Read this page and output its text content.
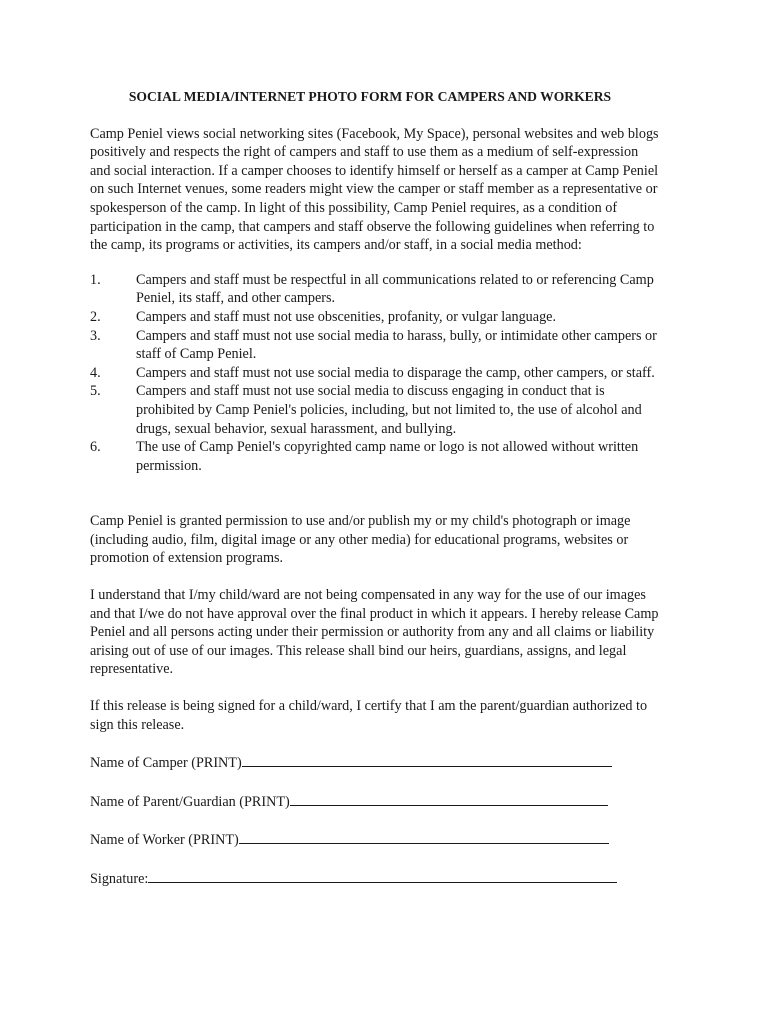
SOCIAL MEDIA/INTERNET PHOTO FORM FOR CAMPERS AND WORKERS

Camp Peniel views social networking sites (Facebook, My Space), personal websites and web blogs positively and respects the right of campers and staff to use them as a medium of self-expression and social interaction. If a camper chooses to identify himself or herself as a camper at Camp Peniel on such Internet venues, some readers might view the camper or staff member as a representative or spokesperson of the camp. In light of this possibility, Camp Peniel requires, as a condition of participation in the camp, that campers and staff observe the following guidelines when referring to the camp, its programs or activities, its campers and/or staff, in a social media method:

1. Campers and staff must be respectful in all communications related to or referencing Camp Peniel, its staff, and other campers.
2. Campers and staff must not use obscenities, profanity, or vulgar language.
3. Campers and staff must not use social media to harass, bully, or intimidate other campers or staff of Camp Peniel.
4. Campers and staff must not use social media to disparage the camp, other campers, or staff.
5. Campers and staff must not use social media to discuss engaging in conduct that is prohibited by Camp Peniel's policies, including, but not limited to, the use of alcohol and drugs, sexual behavior, sexual harassment, and bullying.
6. The use of Camp Peniel's copyrighted camp name or logo is not allowed without written permission.

Camp Peniel is granted permission to use and/or publish my or my child's photograph or image (including audio, film, digital image or any other media) for educational programs, websites or promotion of extension programs.

I understand that I/my child/ward are not being compensated in any way for the use of our images and that I/we do not have approval over the final product in which it appears. I hereby release Camp Peniel and all persons acting under their permission or authority from any and all claims or liability arising out of use of our images. This release shall bind our heirs, guardians, assigns, and legal representative.

If this release is being signed for a child/ward, I certify that I am the parent/guardian authorized to sign this release.

Name of Camper (PRINT)
Name of Parent/Guardian (PRINT)
Name of Worker (PRINT)
Signature:
